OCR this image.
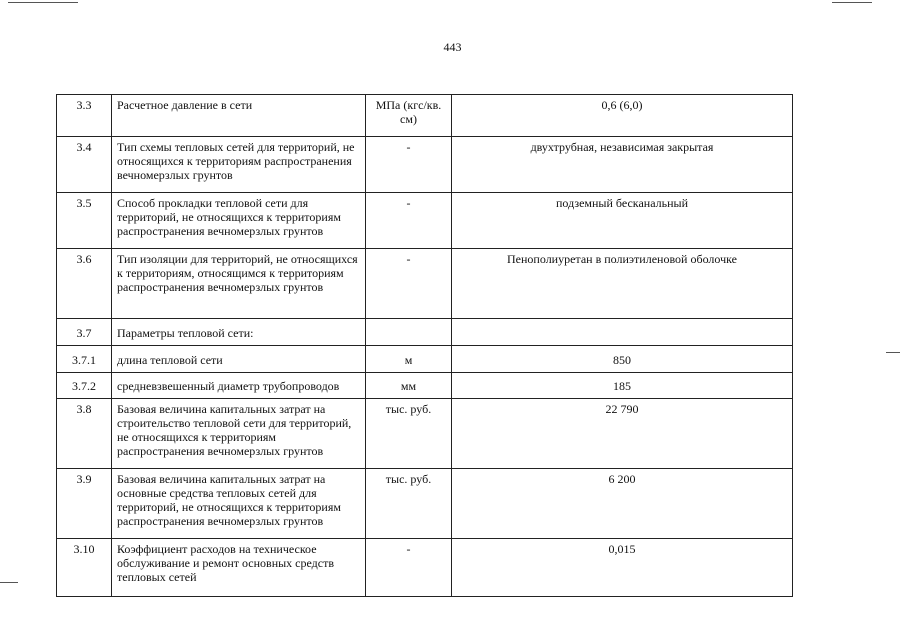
443
3.3	Расчетное давление в сети	МПа (кгс/кв. см)	0,6 (6,0)
3.4	Тип схемы тепловых сетей для территорий, не относящихся к территориям распространения вечномерзлых грунтов	-	двухтрубная, независимая закрытая
3.5	Способ прокладки тепловой сети для территорий, не относящихся к территориям распространения вечномерзлых грунтов	-	подземный бесканальный
3.6	Тип изоляции для территорий, не относящихся к территориям, относящимся к территориям распространения вечномерзлых грунтов	-	Пенополиуретан в полиэтиленовой оболочке
3.7	Параметры тепловой сети:		
3.7.1	длина тепловой сети	м	850
3.7.2	средневзвешенный диаметр трубопроводов	мм	185
3.8	Базовая величина капитальных затрат на строительство тепловой сети для территорий, не относящихся к территориям распространения вечномерзлых грунтов	тыс. руб.	22 790
3.9	Базовая величина капитальных затрат на основные средства тепловых сетей для территорий, не относящихся к территориям распространения вечномерзлых грунтов	тыс. руб.	6 200
3.10	Коэффициент расходов на техническое обслуживание и ремонт основных средств тепловых сетей	-	0,015
